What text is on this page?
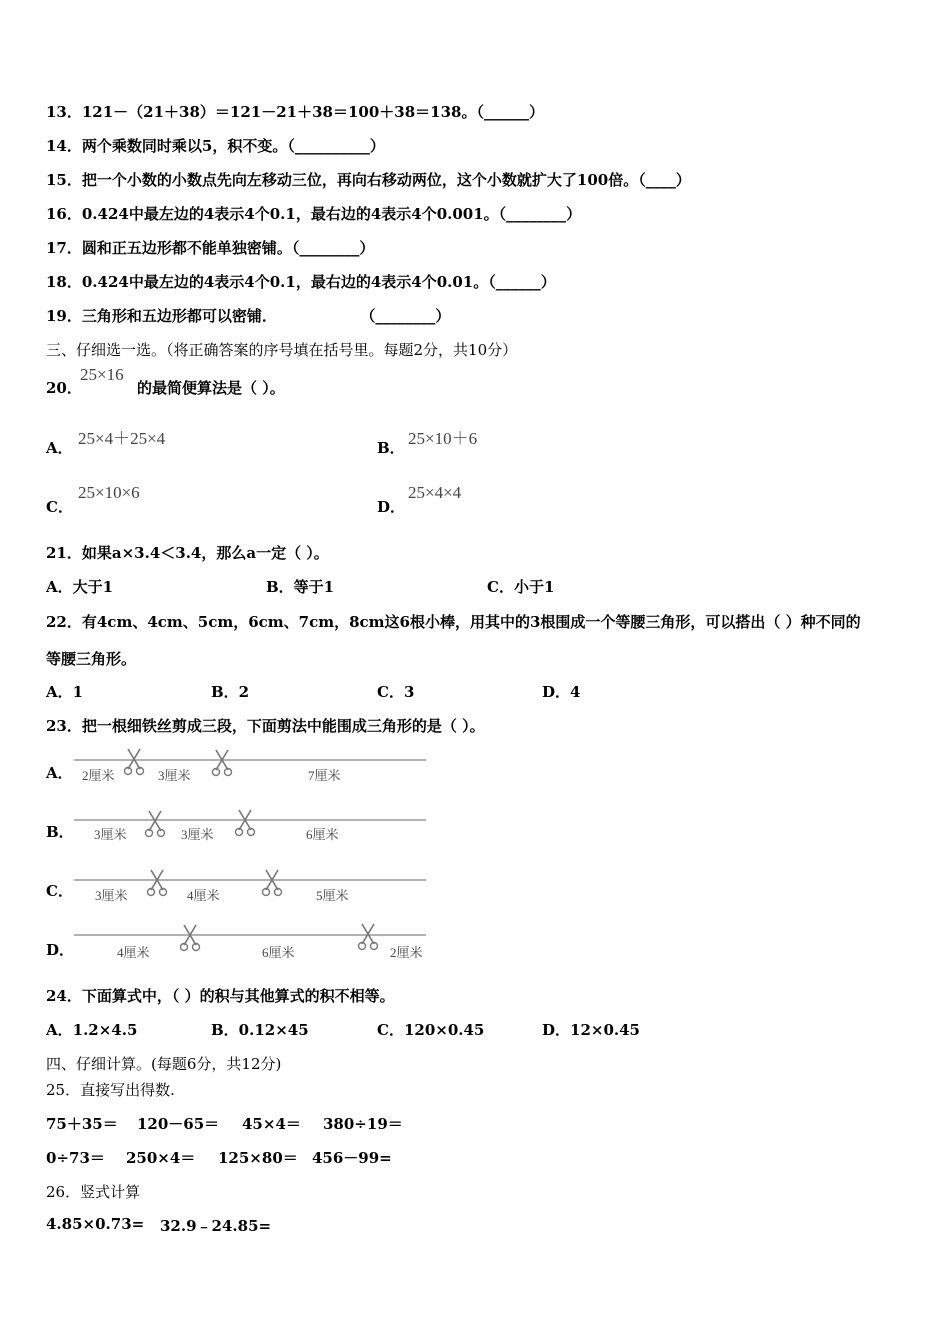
13．121－（21＋38）＝121－21＋38＝100＋38＝138。（______）
14．两个乘数同时乘以5，积不变。（__________）
15．把一个小数的小数点先向左移动三位，再向右移动两位，这个小数就扩大了100倍。（____）
16．0.424中最左边的4表示4个0.1，最右边的4表示4个0.001。（________）
17．圆和正五边形都不能单独密铺。（________）
18．0.424中最左边的4表示4个0.1，最右边的4表示4个0.01。（______）
19．三角形和五边形都可以密铺．                （________）
三、仔细选一选。（将正确答案的序号填在括号里。每题2分，共10分）
20．
25×16
的最简便算法是（ ）。
A． 25×4＋25×4	B． 25×10＋6
C．
25×10×6
D．
25×4×4
21．如果a×3.4＜3.4，那么a一定（ ）。
A．大于1	B．等于1	C．小于1
22．有4cm、4cm、5cm，6cm、7cm，8cm这6根小棒，用其中的3根围成一个等腰三角形，可以搭出（ ）种不同的
等腰三角形。
A．1	B．2	C．3	D．4
23．把一根细铁丝剪成三段，下面剪法中能围成三角形的是（ ）。
A． 2厘米	3厘米	7厘米
B． 3厘米	3厘米	6厘米
C． 3厘米	4厘米	5厘米
D．	4厘米	6厘米	2厘米
24．下面算式中，（ ）的积与其他算式的积不相等。
A．1.2×4.5	B．0.12×45	C．120×0.45	D．12×0.45
四、仔细计算。(每题6分，共12分)
25．直接写出得数.
75＋35＝ 120－65＝ 45×4＝ 380÷19＝
0÷73＝ 250×4＝ 125×80＝ 456－99=
26．竖式计算
4.85×0.73= 32.9﹣24.85=
